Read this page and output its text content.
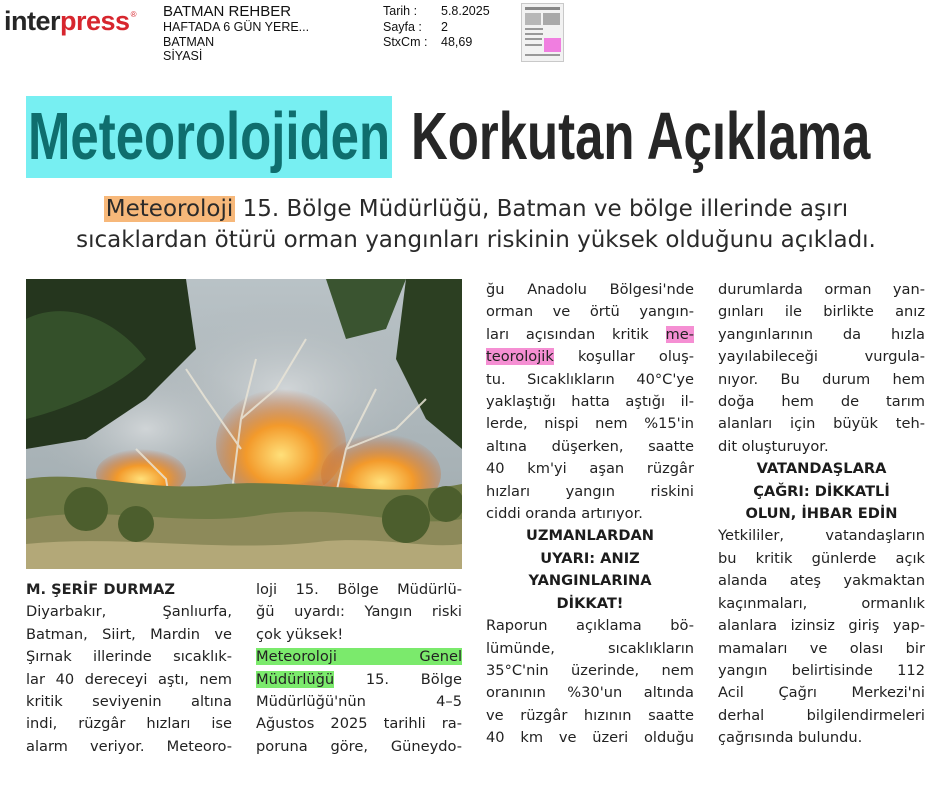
inter press ® BATMAN REHBER
HAFTADA 6 GÜN YERE...
BATMAN
SİYASİ
Tarih :	5.8.2025
Sayfa :	2
StxCm :	48,69
Meteorolojiden Korkutan Açıklama
Meteoroloji 15. Bölge Müdürlüğü, Batman ve bölge illerinde aşırı
sıcaklardan ötürü orman yangınları riskinin yüksek olduğunu açıkladı.
M. ŞERİF DURMAZ
Diyarbakır, Şanlıurfa,
Batman, Siirt, Mardin ve
Şırnak illerinde sıcaklık-
lar 40 dereceyi aştı, nem
kritik seviyenin altına
indi, rüzgâr hızları ise
alarm veriyor. Meteoro-
loji 15. Bölge Müdürlü-
ğü uyardı: Yangın riski
çok yüksek!
Meteoroloji Genel
Müdürlüğü 15. Bölge
Müdürlüğü'nün 4–5
Ağustos 2025 tarihli ra-
poruna göre, Güneydo-
ğu Anadolu Bölgesi'nde
orman ve örtü yangın-
ları açısından kritik me-
teorolojik koşullar oluş-
tu. Sıcaklıkların 40°C'ye
yaklaştığı hatta aştığı il-
lerde, nispi nem %15'in
altına düşerken, saatte
40 km'yi aşan rüzgâr
hızları yangın riskini
ciddi oranda artırıyor.
UZMANLARDAN
UYARI: ANIZ
YANGINLARINA
DİKKAT!
Raporun açıklama bö-
lümünde, sıcaklıkların
35°C'nin üzerinde, nem
oranının %30'un altında
ve rüzgâr hızının saatte
40 km ve üzeri olduğu
durumlarda orman yan-
gınları ile birlikte anız
yangınlarının da hızla
yayılabileceği vurgula-
nıyor. Bu durum hem
doğa hem de tarım
alanları için büyük teh-
dit oluşturuyor.
VATANDAŞLARA
ÇAĞRI: DİKKATLİ
OLUN, İHBAR EDİN
Yetkililer, vatandaşların
bu kritik günlerde açık
alanda ateş yakmaktan
kaçınmaları, ormanlık
alanlara izinsiz giriş yap-
mamaları ve olası bir
yangın belirtisinde 112
Acil Çağrı Merkezi'ni
derhal bilgilendirmeleri
çağrısında bulundu.
